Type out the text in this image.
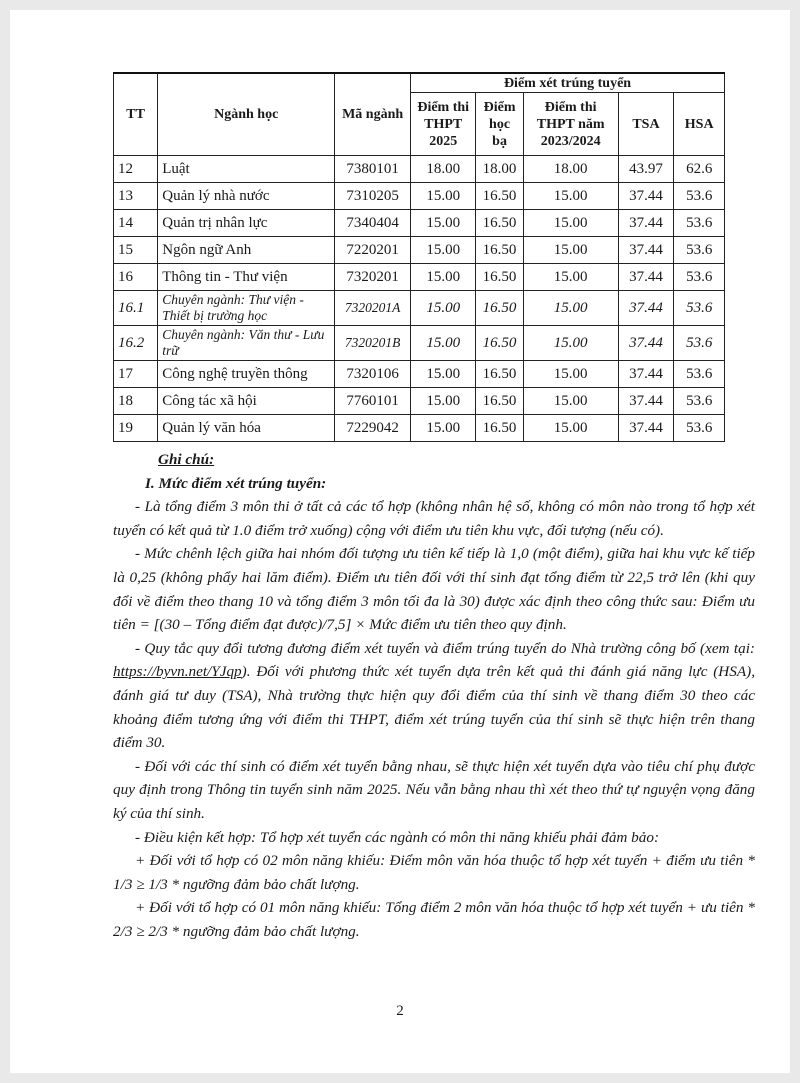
TT	Ngành học	Mã ngành	Điểm xét trúng tuyển				
			Điểm thi THPT 2025	Điểm học bạ	Điểm thi THPT năm 2023/2024	TSA	HSA
12	Luật	7380101	18.00	18.00	18.00	43.97	62.6
13	Quản lý nhà nước	7310205	15.00	16.50	15.00	37.44	53.6
14	Quản trị nhân lực	7340404	15.00	16.50	15.00	37.44	53.6
15	Ngôn ngữ Anh	7220201	15.00	16.50	15.00	37.44	53.6
16	Thông tin - Thư viện	7320201	15.00	16.50	15.00	37.44	53.6
16.1	Chuyên ngành: Thư viện - Thiết bị trường học	7320201A	15.00	16.50	15.00	37.44	53.6
16.2	Chuyên ngành: Văn thư - Lưu trữ	7320201B	15.00	16.50	15.00	37.44	53.6
17	Công nghệ truyền thông	7320106	15.00	16.50	15.00	37.44	53.6
18	Công tác xã hội	7760101	15.00	16.50	15.00	37.44	53.6
19	Quản lý văn hóa	7229042	15.00	16.50	15.00	37.44	53.6

Ghi chú:

I. Mức điểm xét trúng tuyển:

- Là tổng điểm 3 môn thi ở tất cả các tổ hợp (không nhân hệ số, không có môn nào trong tổ hợp xét tuyển có kết quả từ 1.0 điểm trở xuống) cộng với điểm ưu tiên khu vực, đối tượng (nếu có).

- Mức chênh lệch giữa hai nhóm đối tượng ưu tiên kế tiếp là 1,0 (một điểm), giữa hai khu vực kế tiếp là 0,25 (không phẩy hai lăm điểm). Điểm ưu tiên đối với thí sinh đạt tổng điểm từ 22,5 trở lên (khi quy đổi về điểm theo thang 10 và tổng điểm 3 môn tối đa là 30) được xác định theo công thức sau: Điểm ưu tiên = [(30 – Tổng điểm đạt được)/7,5] × Mức điểm ưu tiên theo quy định.

- Quy tắc quy đổi tương đương điểm xét tuyển và điểm trúng tuyển do Nhà trường công bố (xem tại: https://byvn.net/YJqp). Đối với phương thức xét tuyển dựa trên kết quả thi đánh giá năng lực (HSA), đánh giá tư duy (TSA), Nhà trường thực hiện quy đổi điểm của thí sinh về thang điểm 30 theo các khoảng điểm tương ứng với điểm thi THPT, điểm xét trúng tuyển của thí sinh sẽ thực hiện trên thang điểm 30.

- Đối với các thí sinh có điểm xét tuyển bằng nhau, sẽ thực hiện xét tuyển dựa vào tiêu chí phụ được quy định trong Thông tin tuyển sinh năm 2025. Nếu vẫn bằng nhau thì xét theo thứ tự nguyện vọng đăng ký của thí sinh.

- Điều kiện kết hợp: Tổ hợp xét tuyển các ngành có môn thi năng khiếu phải đảm bảo:

+ Đối với tổ hợp có 02 môn năng khiếu: Điểm môn văn hóa thuộc tổ hợp xét tuyển + điểm ưu tiên * 1/3 ≥ 1/3 * ngưỡng đảm bảo chất lượng.

+ Đối với tổ hợp có 01 môn năng khiếu: Tổng điểm 2 môn văn hóa thuộc tổ hợp xét tuyển + ưu tiên * 2/3 ≥ 2/3 * ngưỡng đảm bảo chất lượng.

2
